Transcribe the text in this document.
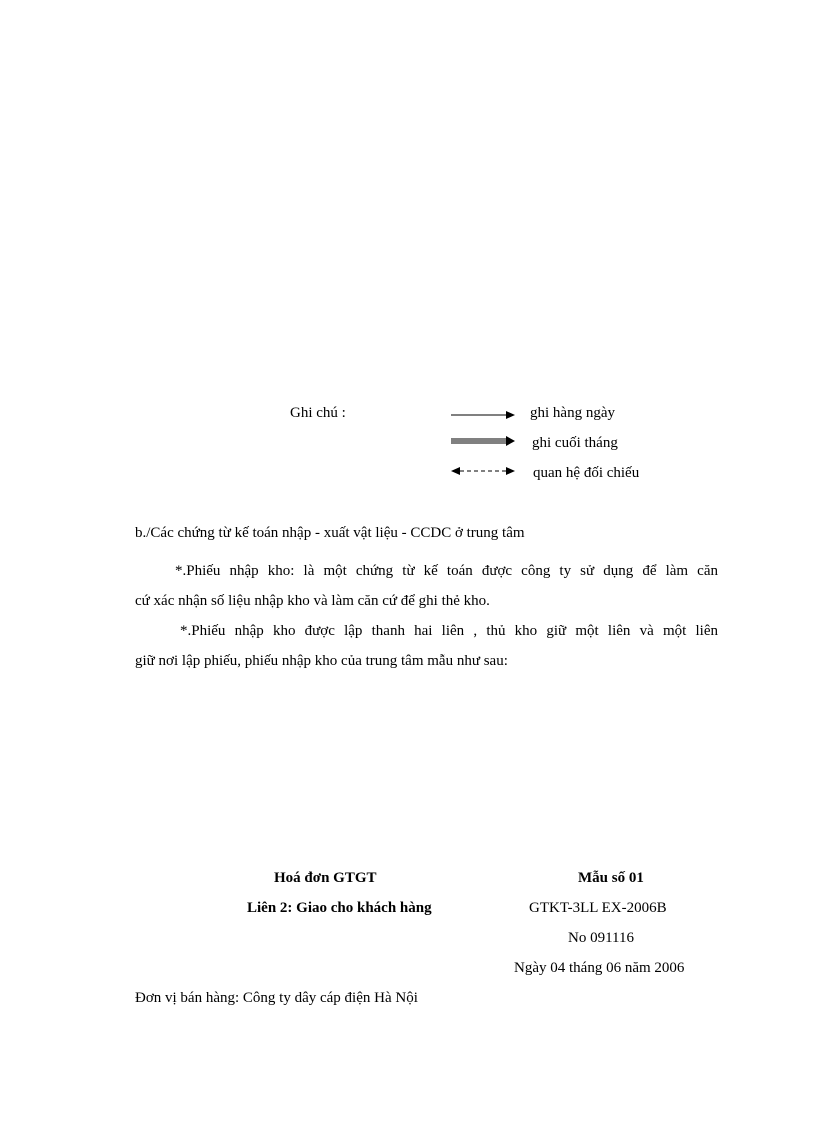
Ghi chú :	ghi hàng ngày
ghi cuối tháng
quan hệ đối chiếu
b./Các chứng từ kế toán nhập - xuất vật liệu - CCDC ở trung tâm
*.Phiếu nhập kho: là một chứng từ kế toán được công ty sử dụng để làm căn
cứ xác nhận số liệu nhập kho và làm căn cứ để ghi thẻ kho.
*.Phiếu nhập kho được lập thanh hai liên , thủ kho giữ một liên và một liên
giữ nơi lập phiếu, phiếu nhập kho của trung tâm mẫu như sau:
Hoá đơn GTGT
Liên 2: Giao cho khách hàng
Mẫu số 01
GTKT-3LL EX-2006B
No 091116
Ngày 04 tháng 06 năm 2006
Đơn vị bán hàng: Công ty dây cáp điện Hà Nội
